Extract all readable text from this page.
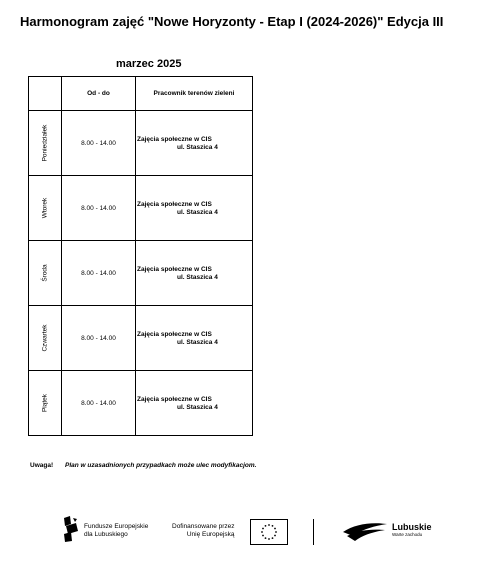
Harmonogram zajęć "Nowe Horyzonty - Etap I (2024-2026)" Edycja III
marzec 2025
	Od - do	Pracownik terenów zieleni

Poniedziałek	8.00 - 14.00	Zajęcia społeczne w CIS
ul. Staszica 4

Wtorek	8.00 - 14.00	Zajęcia społeczne w CIS
ul. Staszica 4

Środa	8.00 - 14.00	Zajęcia społeczne w CIS
ul. Staszica 4

Czwartek	8.00 - 14.00	Zajęcia społeczne w CIS
ul. Staszica 4

Piątek	8.00 - 14.00	Zajęcia społeczne w CIS
ul. Staszica 4
Uwaga! Plan w uzasadnionych przypadkach może ulec modyfikacjom.
Fundusze Europejskie
dla Lubuskiego
Dofinansowane przez
Unię Europejską
Lubuskie
Warte zachodu
